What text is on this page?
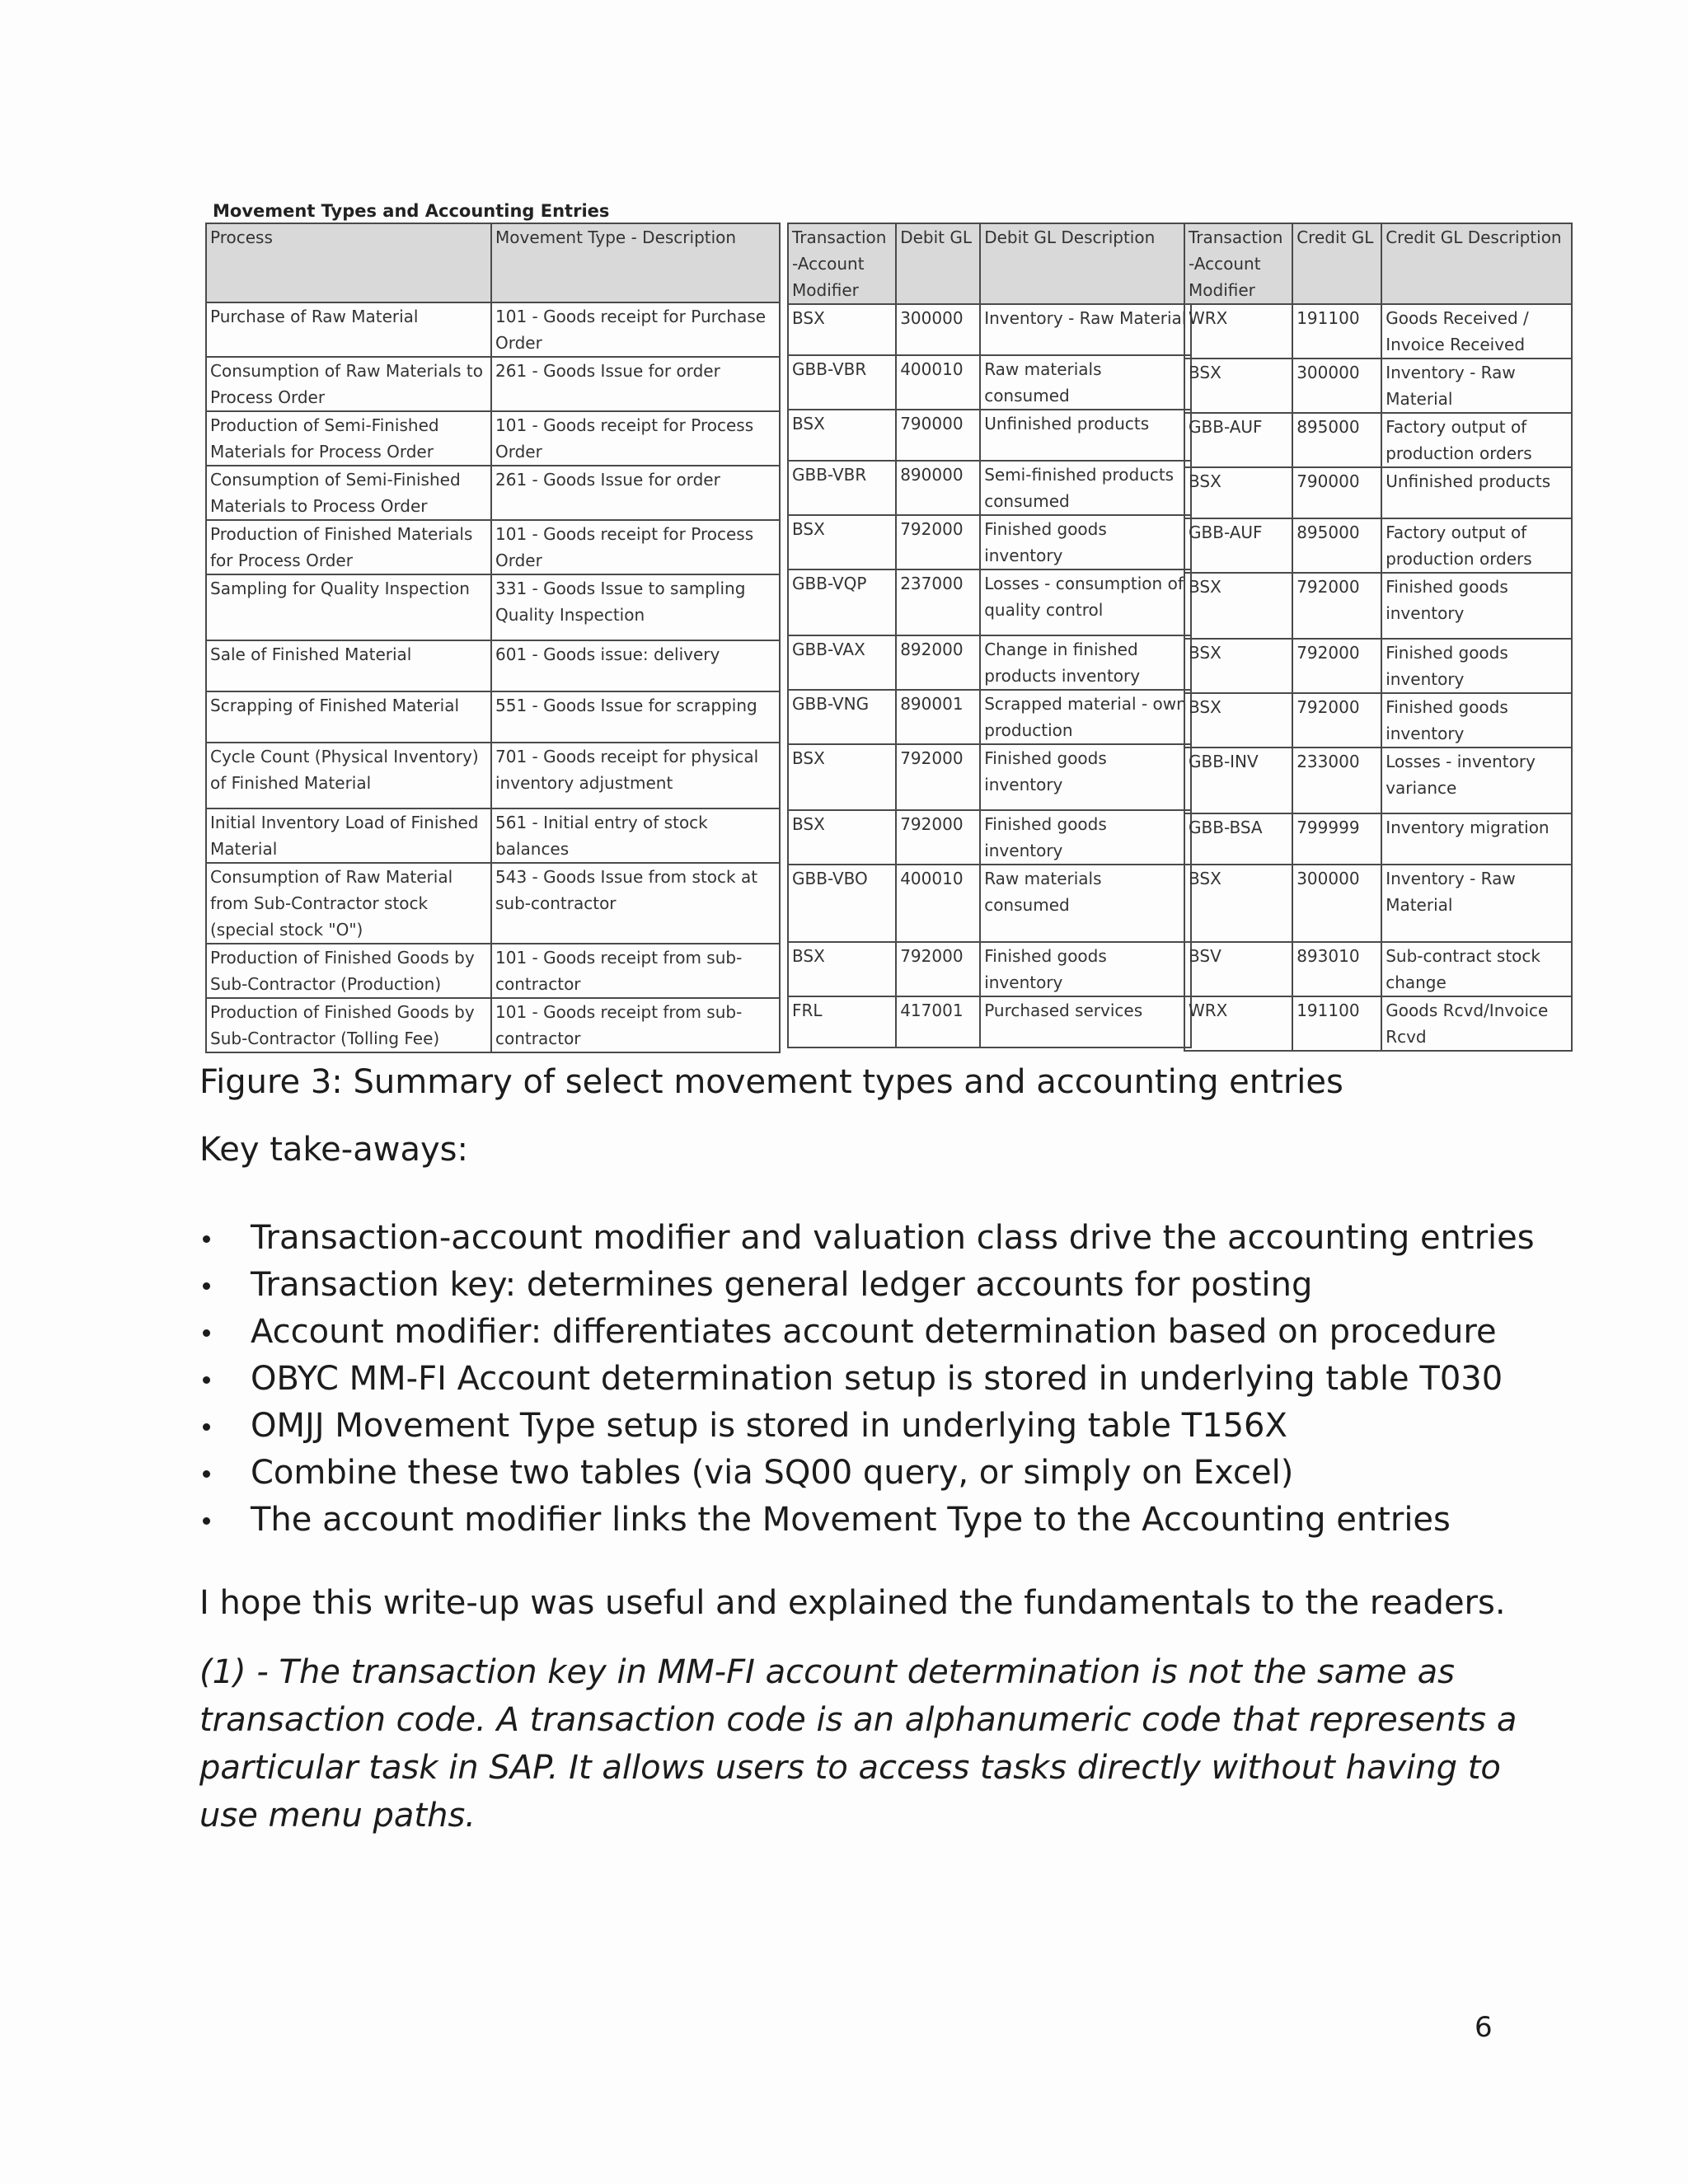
Movement Types and Accounting Entries
Process	Movement Type - Description
Purchase of Raw Material	101 - Goods receipt for Purchase Order
Consumption of Raw Materials to Process Order	261 - Goods Issue for order
Production of Semi-Finished Materials for Process Order	101 - Goods receipt for Process Order
Consumption of Semi-Finished Materials to Process Order	261 - Goods Issue for order
Production of Finished Materials for Process Order	101 - Goods receipt for Process Order
Sampling for Quality Inspection	331 - Goods Issue to sampling Quality Inspection
Sale of Finished Material	601 - Goods issue: delivery
Scrapping of Finished Material	551 - Goods Issue for scrapping
Cycle Count (Physical Inventory) of Finished Material	701 - Goods receipt for physical inventory adjustment
Initial Inventory Load of Finished Material	561 - Initial entry of stock balances
Consumption of Raw Material from Sub-Contractor stock (special stock "O")	543 - Goods Issue from stock at sub-contractor
Production of Finished Goods by Sub-Contractor (Production)	101 - Goods receipt from sub-contractor
Production of Finished Goods by Sub-Contractor (Tolling Fee)	101 - Goods receipt from sub-contractor
Transaction-Account Modifier	Debit GL	Debit GL Description
BSX	300000	Inventory - Raw Material
GBB-VBR	400010	Raw materials consumed
BSX	790000	Unfinished products
GBB-VBR	890000	Semi-finished products consumed
BSX	792000	Finished goods inventory
GBB-VQP	237000	Losses - consumption of quality control
GBB-VAX	892000	Change in finished products inventory
GBB-VNG	890001	Scrapped material - own production
BSX	792000	Finished goods inventory
BSX	792000	Finished goods inventory
GBB-VBO	400010	Raw materials consumed
BSX	792000	Finished goods inventory
FRL	417001	Purchased services
Transaction-Account Modifier	Credit GL	Credit GL Description
WRX	191100	Goods Received / Invoice Received
BSX	300000	Inventory - Raw Material
GBB-AUF	895000	Factory output of production orders
BSX	790000	Unfinished products
GBB-AUF	895000	Factory output of production orders
BSX	792000	Finished goods inventory
BSX	792000	Finished goods inventory
BSX	792000	Finished goods inventory
GBB-INV	233000	Losses - inventory variance
GBB-BSA	799999	Inventory migration
BSX	300000	Inventory - Raw Material
BSV	893010	Sub-contract stock change
WRX	191100	Goods Rcvd/Invoice Rcvd
Figure 3: Summary of select movement types and accounting entries
Key take-aways:
Transaction-account modifier and valuation class drive the accounting entries
Transaction key: determines general ledger accounts for posting
Account modifier: differentiates account determination based on procedure
OBYC MM-FI Account determination setup is stored in underlying table T030
OMJJ Movement Type setup is stored in underlying table T156X
Combine these two tables (via SQ00 query, or simply on Excel)
The account modifier links the Movement Type to the Accounting entries
I hope this write-up was useful and explained the fundamentals to the readers.

(1) - The transaction key in MM-FI account determination is not the same as transaction code. A transaction code is an alphanumeric code that represents a particular task in SAP. It allows users to access tasks directly without having to use menu paths.

6
